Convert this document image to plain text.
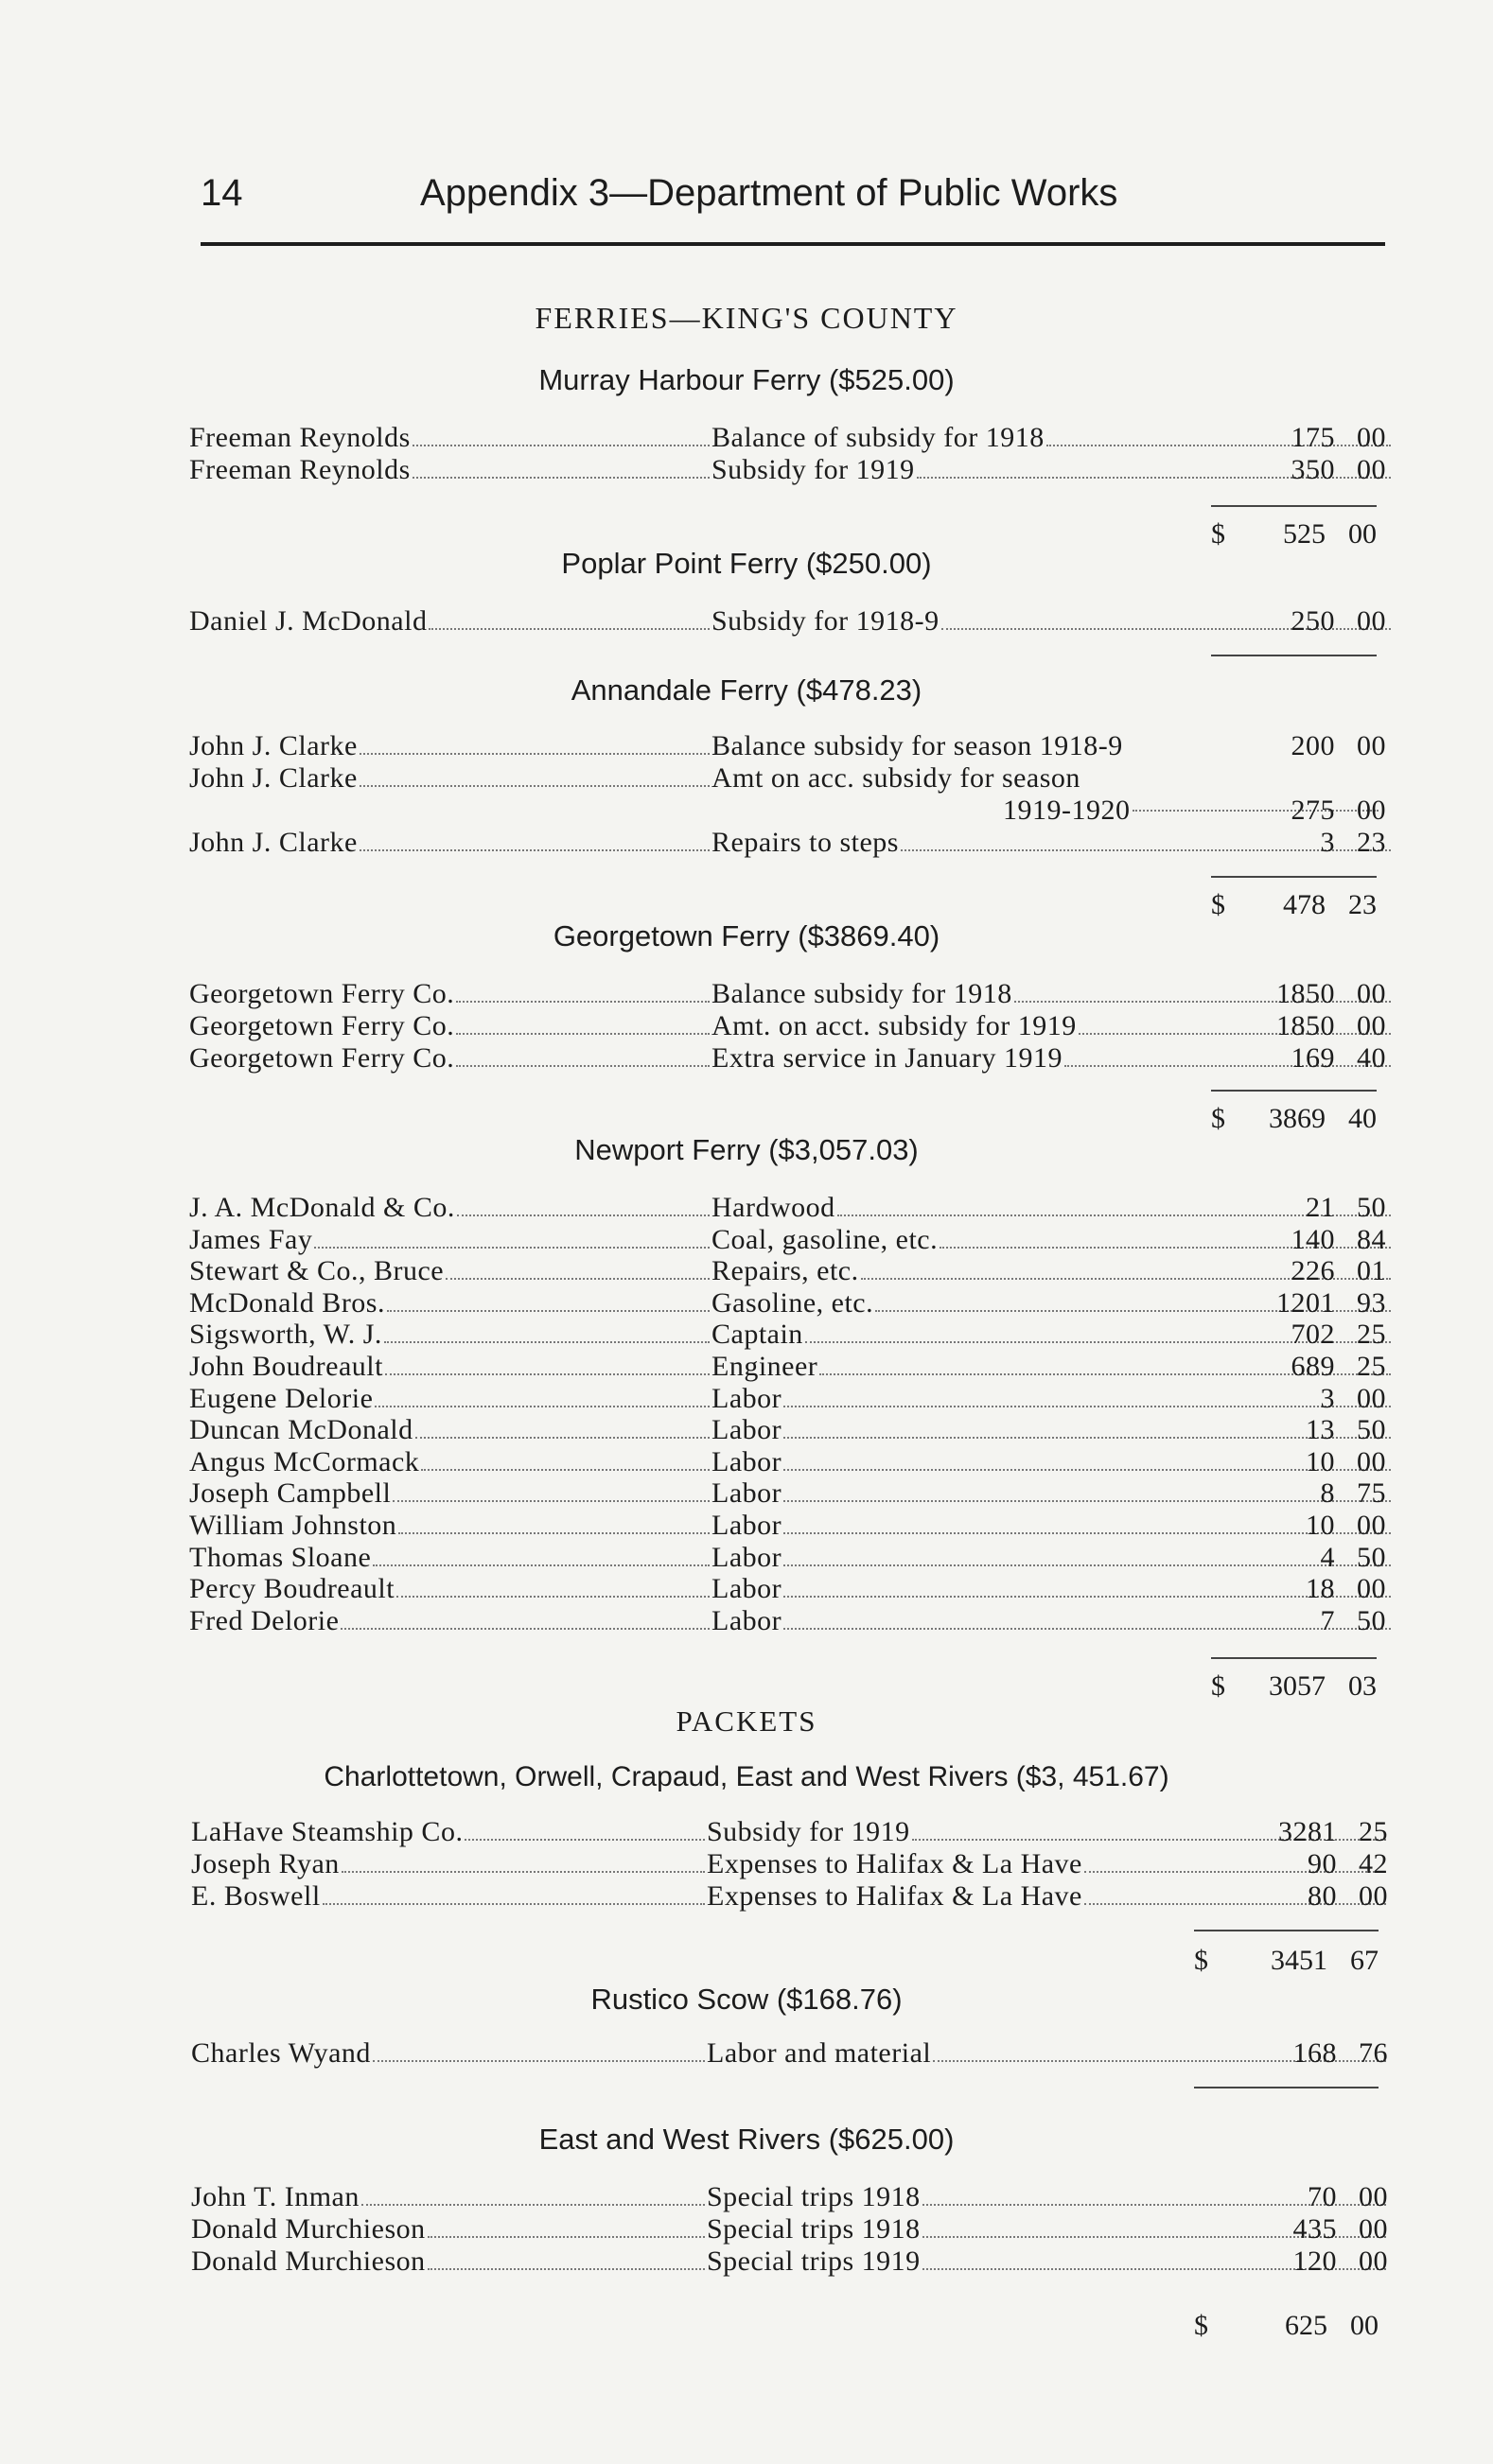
14	Appendix 3—Department of Public Works
FERRIES—KING'S COUNTY
Murray Harbour Ferry ($525.00)
Freeman Reynolds	Balance of subsidy for 1918	175 00
Freeman Reynolds	Subsidy for 1919	350 00
$ 525 00
Poplar Point Ferry ($250.00)
Daniel J. McDonald	Subsidy for 1918-9	250 00
Annandale Ferry ($478.23)
John J. Clarke	Balance subsidy for season 1918-9	200 00
John J. Clarke	Amt on acc. subsidy for season
1919-1920	275 00
John J. Clarke	Repairs to steps	3 23
$ 478 23
Georgetown Ferry ($3869.40)
Georgetown Ferry Co.	Balance subsidy for 1918	1850 00
Georgetown Ferry Co.	Amt. on acct. subsidy for 1919	1850 00
Georgetown Ferry Co.	Extra service in January 1919	169 40
$ 3869 40
Newport Ferry ($3,057.03)
J. A. McDonald & Co.	Hardwood	21 50
James Fay	Coal, gasoline, etc.	140 84
Stewart & Co., Bruce	Repairs, etc.	226 01
McDonald Bros.	Gasoline, etc.	1201 93
Sigsworth, W. J.	Captain	702 25
John Boudreault	Engineer	689 25
Eugene Delorie	Labor	3 00
Duncan McDonald	Labor	13 50
Angus McCormack	Labor	10 00
Joseph Campbell	Labor	8 75
William Johnston	Labor	10 00
Thomas Sloane	Labor	4 50
Percy Boudreault	Labor	18 00
Fred Delorie	Labor	7 50
$ 3057 03
PACKETS
Charlottetown, Orwell, Crapaud, East and West Rivers ($3, 451.67)
LaHave Steamship Co.	Subsidy for 1919	3281 25
Joseph Ryan	Expenses to Halifax & La Have	90 42
E. Boswell	Expenses to Halifax & La Have	80 00
$ 3451 67
Rustico Scow ($168.76)
Charles Wyand	Labor and material	168 76
East and West Rivers ($625.00)
John T. Inman	Special trips 1918	70 00
Donald Murchieson	Special trips 1918	435 00
Donald Murchieson	Special trips 1919	120 00
$	625 00
